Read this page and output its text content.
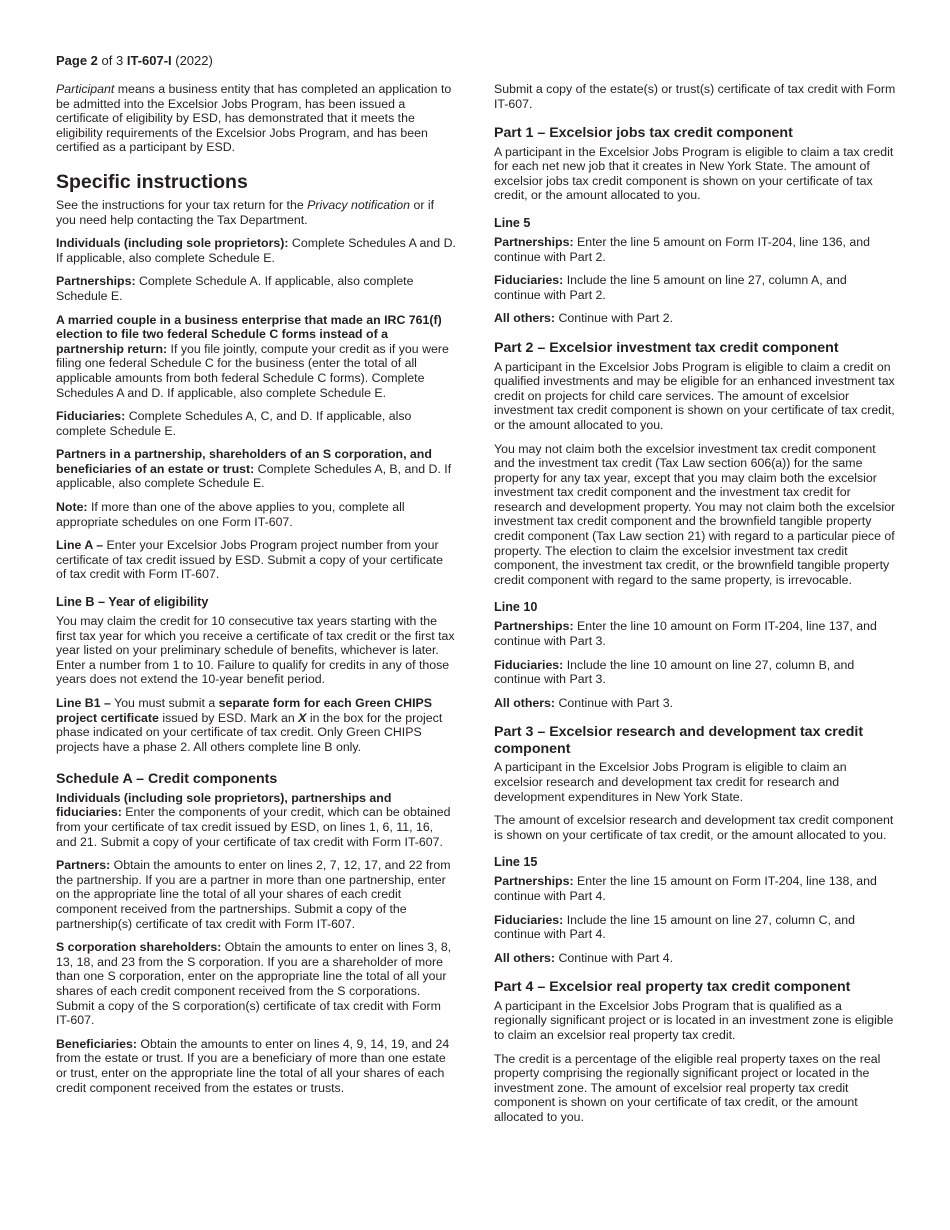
Page 2 of 3 IT-607-I (2022)

Participant means a business entity that has completed an application to be admitted into the Excelsior Jobs Program, has been issued a certificate of eligibility by ESD, has demonstrated that it meets the eligibility requirements of the Excelsior Jobs Program, and has been certified as a participant by ESD.

Specific instructions

See the instructions for your tax return for the Privacy notification or if you need help contacting the Tax Department.

Individuals (including sole proprietors): Complete Schedules A and D. If applicable, also complete Schedule E.

Partnerships: Complete Schedule A. If applicable, also complete Schedule E.

A married couple in a business enterprise that made an IRC 761(f) election to file two federal Schedule C forms instead of a partnership return: If you file jointly, compute your credit as if you were filing one federal Schedule C for the business (enter the total of all applicable amounts from both federal Schedule C forms). Complete Schedules A and D. If applicable, also complete Schedule E.

Fiduciaries: Complete Schedules A, C, and D. If applicable, also complete Schedule E.

Partners in a partnership, shareholders of an S corporation, and beneficiaries of an estate or trust: Complete Schedules A, B, and D. If applicable, also complete Schedule E.

Note: If more than one of the above applies to you, complete all appropriate schedules on one Form IT-607.

Line A – Enter your Excelsior Jobs Program project number from your certificate of tax credit issued by ESD. Submit a copy of your certificate of tax credit with Form IT-607.

Line B – Year of eligibility

You may claim the credit for 10 consecutive tax years starting with the first tax year for which you receive a certificate of tax credit or the first tax year listed on your preliminary schedule of benefits, whichever is later. Enter a number from 1 to 10. Failure to qualify for credits in any of those years does not extend the 10-year benefit period.

Line B1 – You must submit a separate form for each Green CHIPS project certificate issued by ESD. Mark an X in the box for the project phase indicated on your certificate of tax credit. Only Green CHIPS projects have a phase 2. All others complete line B only.

Schedule A – Credit components

Individuals (including sole proprietors), partnerships and fiduciaries: Enter the components of your credit, which can be obtained from your certificate of tax credit issued by ESD, on lines 1, 6, 11, 16, and 21. Submit a copy of your certificate of tax credit with Form IT-607.

Partners: Obtain the amounts to enter on lines 2, 7, 12, 17, and 22 from the partnership. If you are a partner in more than one partnership, enter on the appropriate line the total of all your shares of each credit component received from the partnerships. Submit a copy of the partnership(s) certificate of tax credit with Form IT-607.

S corporation shareholders: Obtain the amounts to enter on lines 3, 8, 13, 18, and 23 from the S corporation. If you are a shareholder of more than one S corporation, enter on the appropriate line the total of all your shares of each credit component received from the S corporations. Submit a copy of the S corporation(s) certificate of tax credit with Form IT-607.

Beneficiaries: Obtain the amounts to enter on lines 4, 9, 14, 19, and 24 from the estate or trust. If you are a beneficiary of more than one estate or trust, enter on the appropriate line the total of all your shares of each credit component received from the estates or trusts.

Submit a copy of the estate(s) or trust(s) certificate of tax credit with Form IT-607.

Part 1 – Excelsior jobs tax credit component

A participant in the Excelsior Jobs Program is eligible to claim a tax credit for each net new job that it creates in New York State. The amount of excelsior jobs tax credit component is shown on your certificate of tax credit, or the amount allocated to you.

Line 5

Partnerships: Enter the line 5 amount on Form IT-204, line 136, and continue with Part 2.

Fiduciaries: Include the line 5 amount on line 27, column A, and continue with Part 2.

All others: Continue with Part 2.

Part 2 – Excelsior investment tax credit component

A participant in the Excelsior Jobs Program is eligible to claim a credit on qualified investments and may be eligible for an enhanced investment tax credit on projects for child care services. The amount of excelsior investment tax credit component is shown on your certificate of tax credit, or the amount allocated to you.

You may not claim both the excelsior investment tax credit component and the investment tax credit (Tax Law section 606(a)) for the same property for any tax year, except that you may claim both the excelsior investment tax credit component and the investment tax credit for research and development property. You may not claim both the excelsior investment tax credit component and the brownfield tangible property credit component (Tax Law section 21) with regard to a particular piece of property. The election to claim the excelsior investment tax credit component, the investment tax credit, or the brownfield tangible property credit component with regard to the same property, is irrevocable.

Line 10

Partnerships: Enter the line 10 amount on Form IT-204, line 137, and continue with Part 3.

Fiduciaries: Include the line 10 amount on line 27, column B, and continue with Part 3.

All others: Continue with Part 3.

Part 3 – Excelsior research and development tax credit component

A participant in the Excelsior Jobs Program is eligible to claim an excelsior research and development tax credit for research and development expenditures in New York State.

The amount of excelsior research and development tax credit component is shown on your certificate of tax credit, or the amount allocated to you.

Line 15

Partnerships: Enter the line 15 amount on Form IT-204, line 138, and continue with Part 4.

Fiduciaries: Include the line 15 amount on line 27, column C, and continue with Part 4.

All others: Continue with Part 4.

Part 4 – Excelsior real property tax credit component

A participant in the Excelsior Jobs Program that is qualified as a regionally significant project or is located in an investment zone is eligible to claim an excelsior real property tax credit.

The credit is a percentage of the eligible real property taxes on the real property comprising the regionally significant project or located in the investment zone. The amount of excelsior real property tax credit component is shown on your certificate of tax credit, or the amount allocated to you.
